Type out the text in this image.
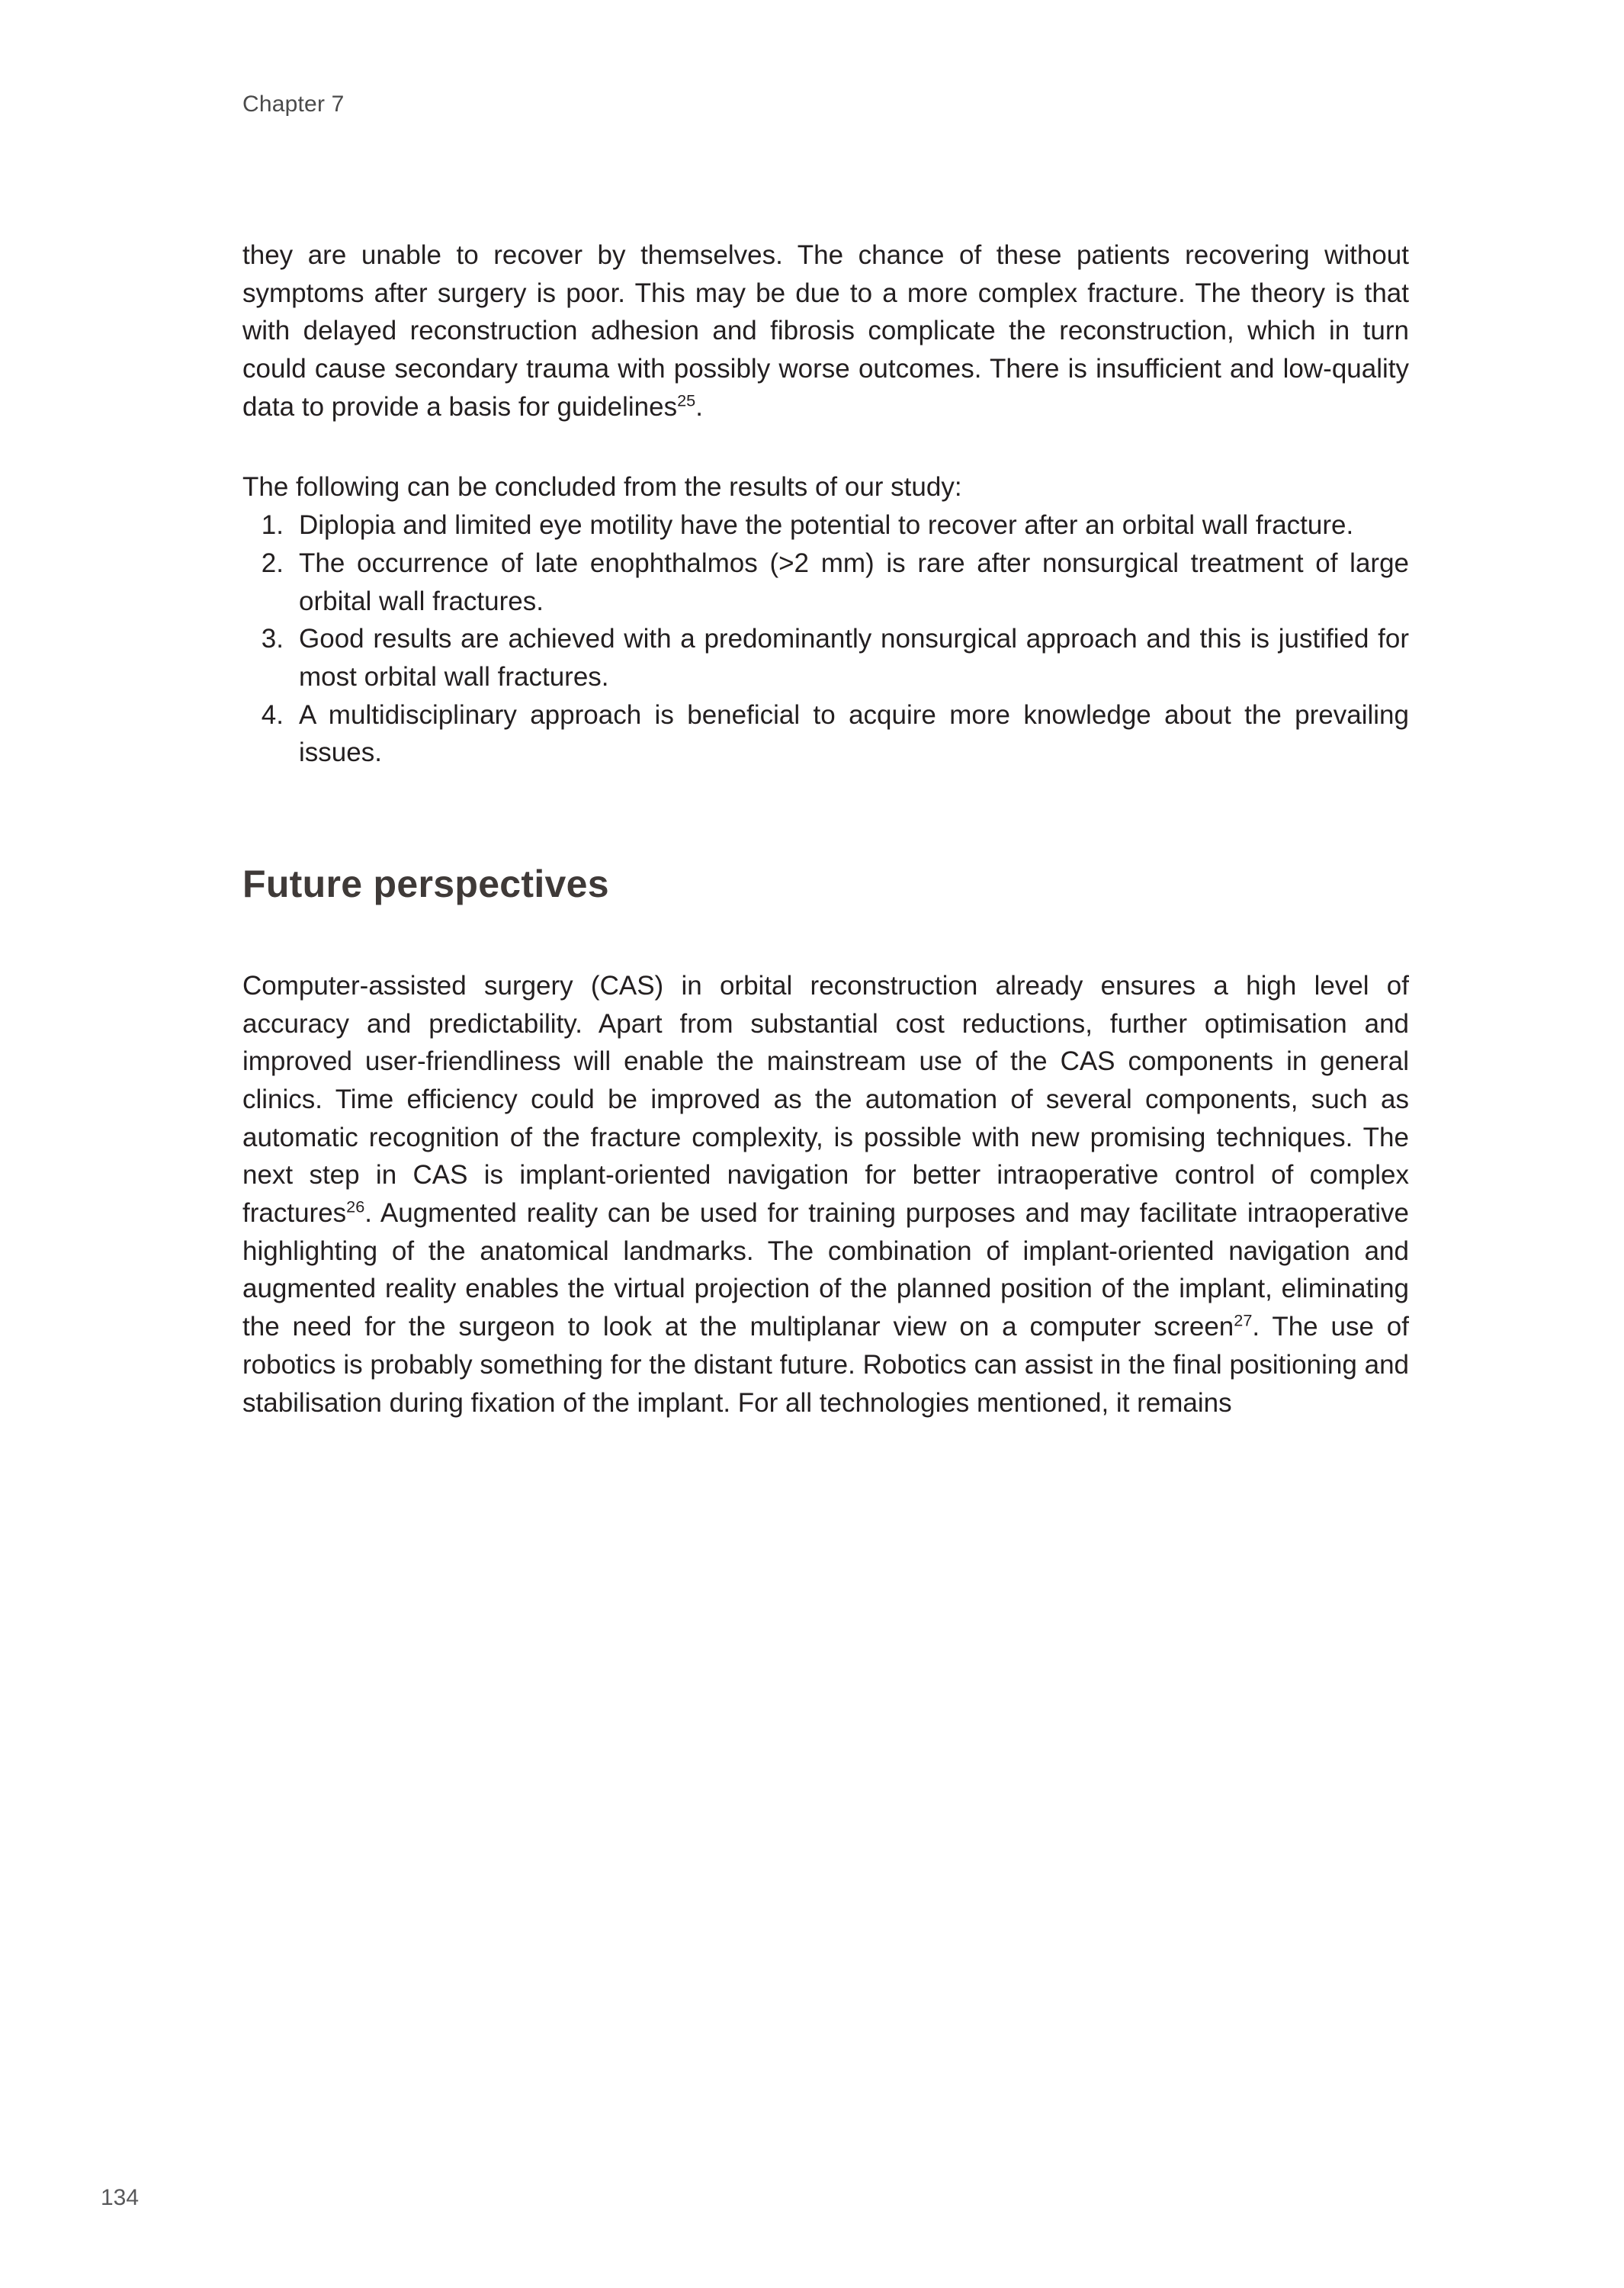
Chapter 7

they are unable to recover by themselves. The chance of these patients recovering without symptoms after surgery is poor. This may be due to a more complex fracture. The theory is that with delayed reconstruction adhesion and fibrosis complicate the reconstruction, which in turn could cause secondary trauma with possibly worse outcomes. There is insufficient and low-quality data to provide a basis for guidelines$^{25}$.

The following can be concluded from the results of our study:

1. Diplopia and limited eye motility have the potential to recover after an orbital wall fracture.
2. The occurrence of late enophthalmos (>2 mm) is rare after nonsurgical treatment of large orbital wall fractures.
3. Good results are achieved with a predominantly nonsurgical approach and this is justified for most orbital wall fractures.
4. A multidisciplinary approach is beneficial to acquire more knowledge about the prevailing issues.
Future perspectives

Computer-assisted surgery (CAS) in orbital reconstruction already ensures a high level of accuracy and predictability. Apart from substantial cost reductions, further optimisation and improved user-friendliness will enable the mainstream use of the CAS components in general clinics. Time efficiency could be improved as the automation of several components, such as automatic recognition of the fracture complexity, is possible with new promising techniques. The next step in CAS is implant-oriented navigation for better intraoperative control of complex fractures$^{26}$. Augmented reality can be used for training purposes and may facilitate intraoperative highlighting of the anatomical landmarks. The combination of implant-oriented navigation and augmented reality enables the virtual projection of the planned position of the implant, eliminating the need for the surgeon to look at the multiplanar view on a computer screen$^{27}$. The use of robotics is probably something for the distant future. Robotics can assist in the final positioning and stabilisation during fixation of the implant. For all technologies mentioned, it remains

134
